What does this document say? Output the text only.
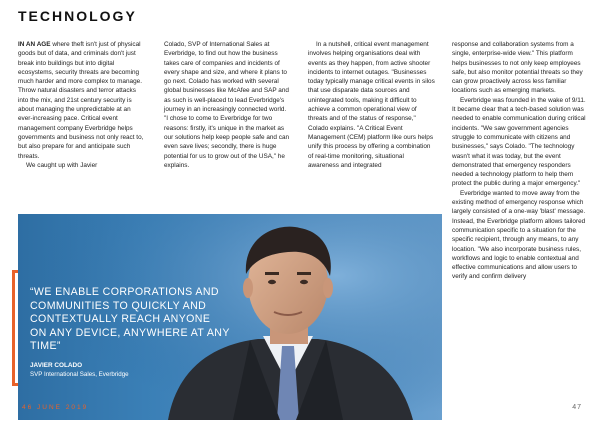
TECHNOLOGY

IN AN AGE where theft isn't just of physical goods but of data, and criminals don't just break into buildings but into digital ecosystems, security threats are becoming much harder and more complex to manage. Throw natural disasters and terror attacks into the mix, and 21st century security is about managing the unpredictable at an ever-increasing pace. Critical event management company Everbridge helps governments and business not only react to, but also prepare for and anticipate such threats.

We caught up with Javier

Colado, SVP of International Sales at Everbridge, to find out how the business takes care of companies and incidents of every shape and size, and where it plans to go next. Colado has worked with several global businesses like McAfee and SAP and as such is well-placed to lead Everbridge's journey in an increasingly connected world. "I chose to come to Everbridge for two reasons: firstly, it's unique in the market as our solutions help keep people safe and can even save lives; secondly, there is huge potential for us to grow out of the USA," he explains.

In a nutshell, critical event management involves helping organisations deal with events as they happen, from active shooter incidents to internet outages. "Businesses today typically manage critical events in silos that use disparate data sources and unintegrated tools, making it difficult to achieve a common operational view of threats and of the status of response," Colado explains. "A Critical Event Management (CEM) platform like ours helps unify this process by offering a combination of real-time monitoring, situational awareness and integrated

response and collaboration systems from a single, enterprise-wide view." This platform helps businesses to not only keep employees safe, but also monitor potential threats so they can grow proactively across less familiar locations such as emerging markets.

Everbridge was founded in the wake of 9/11. It became clear that a tech-based solution was needed to enable communication during critical incidents. "We saw government agencies struggle to communicate with citizens and businesses," says Colado. "The technology wasn't what it was today, but the event demonstrated that emergency responders needed a technology platform to help them protect the public during a major emergency."

Everbridge wanted to move away from the existing method of emergency response which largely consisted of a one-way 'blast' message. Instead, the Everbridge platform allows tailored communication specific to a situation for the specific recipient, through any means, to any location. "We also incorporate business rules, workflows and logic to enable contextual and effective communications and allow users to verify and confirm delivery

“WE ENABLE CORPORATIONS AND COMMUNITIES TO QUICKLY AND CONTEXTUALLY REACH ANYONE ON ANY DEVICE, ANYWHERE AT ANY TIME”
JAVIER COLADO
SVP International Sales, Everbridge
46 JUNE 2019	47
